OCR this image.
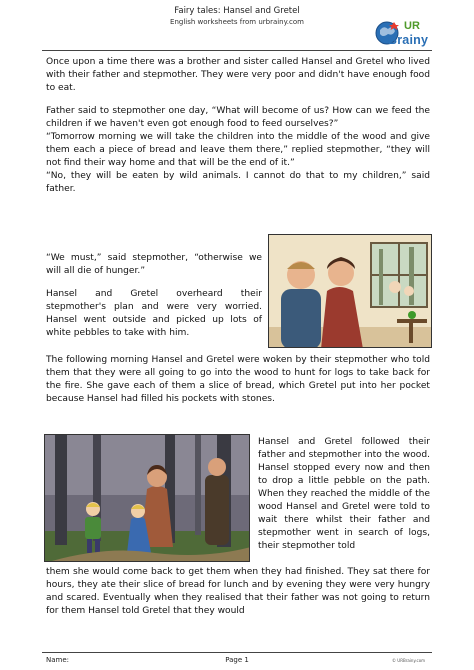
Fairy tales: Hansel and Gretel
English worksheets from urbrainy.com	UR
Brainy

Once upon a time there was a brother and sister called Hansel and Gretel who lived with their father and stepmother. They were very poor and didn't have enough food to eat.

Father said to stepmother one day, “What will become of us? How can we feed the children if we haven't even got enough food to feed ourselves?”

“Tomorrow morning we will take the children into the middle of the wood and give them each a piece of bread and leave them there,” replied stepmother, “they will not find their way home and that will be the end of it.”

“No, they will be eaten by wild animals. I cannot do that to my children,” said father.

“We must,” said stepmother, “otherwise we will all die of hunger.”

Hansel and Gretel overheard their stepmother's plan and were very worried. Hansel went outside and picked up lots of white pebbles to take with him.

The following morning Hansel and Gretel were woken by their stepmother who told them that they were all going to go into the wood to hunt for logs to take back for the fire. She gave each of them a slice of bread, which Gretel put into her pocket because Hansel had filled his pockets with stones.

Hansel and Gretel followed their father and stepmother into the wood. Hansel stopped every now and then to drop a little pebble on the path. When they reached the middle of the wood Hansel and Gretel were told to wait there whilst their father and stepmother went in search of logs, their stepmother told

them she would come back to get them when they had finished. They sat there for hours, they ate their slice of bread for lunch and by evening they were very hungry and scared. Eventually when they realised that their father was not going to return for them Hansel told Gretel that they would

Name:	Page 1	© URBrainy.com
